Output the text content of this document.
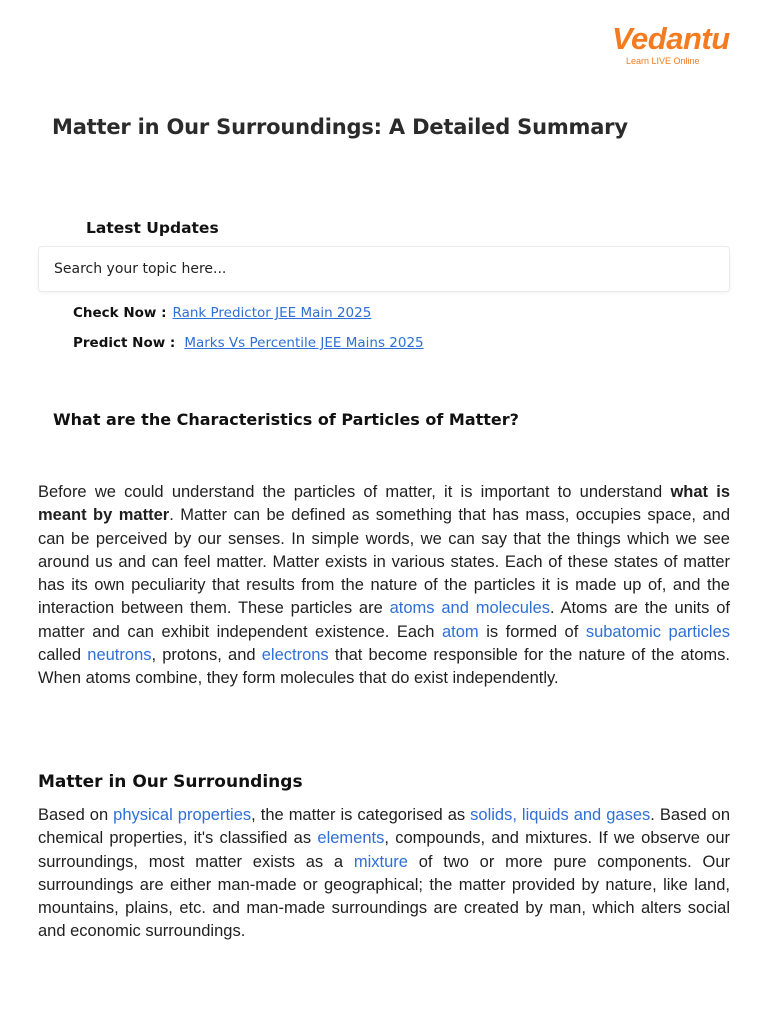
Vedantu
Learn LIVE Online
Matter in Our Surroundings: A Detailed Summary
Latest Updates
Search your topic here...
Check Now : Rank Predictor JEE Main 2025
Predict Now : Marks Vs Percentile JEE Mains 2025
What are the Characteristics of Particles of Matter?

Before we could understand the particles of matter, it is important to understand what is meant by matter. Matter can be defined as something that has mass, occupies space, and can be perceived by our senses. In simple words, we can say that the things which we see around us and can feel matter. Matter exists in various states. Each of these states of matter has its own peculiarity that results from the nature of the particles it is made up of, and the interaction between them. These particles are atoms and molecules. Atoms are the units of matter and can exhibit independent existence. Each atom is formed of subatomic particles called neutrons, protons, and electrons that become responsible for the nature of the atoms. When atoms combine, they form molecules that do exist independently.

Matter in Our Surroundings

Based on physical properties, the matter is categorised as solids, liquids and gases. Based on chemical properties, it's classified as elements, compounds, and mixtures. If we observe our surroundings, most matter exists as a mixture of two or more pure components. Our surroundings are either man-made or geographical; the matter provided by nature, like land, mountains, plains, etc. and man-made surroundings are created by man, which alters social and economic surroundings.
